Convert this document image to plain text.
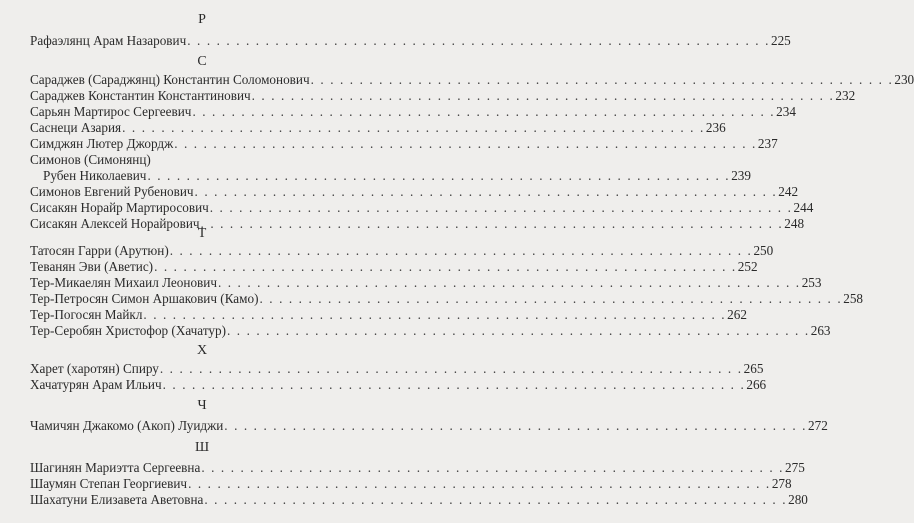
Р
Рафаэлянц Арам Назарович . . . . . . . . . . . . . . . . . . . . . . . . . . . . . . . . . . . . . . . . . . . . . . . . . . . . . . . . . . . . 225
С
Сараджев (Сараджянц) Константин Соломонович . . . . . . . . . . . . . . . . . . . . . . . . . . . . . . . . . . . . . . . . . . . . . . . . . . . . . . . . . . . . 230
Сараджев Константин Константинович . . . . . . . . . . . . . . . . . . . . . . . . . . . . . . . . . . . . . . . . . . . . . . . . . . . . . . . . . . . . 232
Сарьян Мартирос Сергеевич . . . . . . . . . . . . . . . . . . . . . . . . . . . . . . . . . . . . . . . . . . . . . . . . . . . . . . . . . . . . 234
Саснеци Азария . . . . . . . . . . . . . . . . . . . . . . . . . . . . . . . . . . . . . . . . . . . . . . . . . . . . . . . . . . . . 236
Симджян Лютер Джордж . . . . . . . . . . . . . . . . . . . . . . . . . . . . . . . . . . . . . . . . . . . . . . . . . . . . . . . . . . . . 237
Симонов (Симонянц)
Рубен Николаевич . . . . . . . . . . . . . . . . . . . . . . . . . . . . . . . . . . . . . . . . . . . . . . . . . . . . . . . . . . . . 239
Симонов Евгений Рубенович . . . . . . . . . . . . . . . . . . . . . . . . . . . . . . . . . . . . . . . . . . . . . . . . . . . . . . . . . . . . 242
Сисакян Норайр Мартиросович . . . . . . . . . . . . . . . . . . . . . . . . . . . . . . . . . . . . . . . . . . . . . . . . . . . . . . . . . . . . 244
Сисакян Алексей Норайрович . . . . . . . . . . . . . . . . . . . . . . . . . . . . . . . . . . . . . . . . . . . . . . . . . . . . . . . . . . . . 248
Т
Татосян Гарри (Арутюн) . . . . . . . . . . . . . . . . . . . . . . . . . . . . . . . . . . . . . . . . . . . . . . . . . . . . . . . . . . . . 250
Теванян Эви (Аветис) . . . . . . . . . . . . . . . . . . . . . . . . . . . . . . . . . . . . . . . . . . . . . . . . . . . . . . . . . . . . 252
Тер-Микаелян Михаил Леонович . . . . . . . . . . . . . . . . . . . . . . . . . . . . . . . . . . . . . . . . . . . . . . . . . . . . . . . . . . . . 253
Тер-Петросян Симон Аршакович (Камо) . . . . . . . . . . . . . . . . . . . . . . . . . . . . . . . . . . . . . . . . . . . . . . . . . . . . . . . . . . . . 258
Тер-Погосян Майкл . . . . . . . . . . . . . . . . . . . . . . . . . . . . . . . . . . . . . . . . . . . . . . . . . . . . . . . . . . . . 262
Тер-Серобян Христофор (Хачатур) . . . . . . . . . . . . . . . . . . . . . . . . . . . . . . . . . . . . . . . . . . . . . . . . . . . . . . . . . . . . 263
Х
Харет (харотян) Спиру . . . . . . . . . . . . . . . . . . . . . . . . . . . . . . . . . . . . . . . . . . . . . . . . . . . . . . . . . . . . 265
Хачатурян Арам Ильич . . . . . . . . . . . . . . . . . . . . . . . . . . . . . . . . . . . . . . . . . . . . . . . . . . . . . . . . . . . . 266
Ч
Чамичян Джакомо (Акоп) Луиджи . . . . . . . . . . . . . . . . . . . . . . . . . . . . . . . . . . . . . . . . . . . . . . . . . . . . . . . . . . . . 272
Ш
Шагинян Мариэтта Сергеевна . . . . . . . . . . . . . . . . . . . . . . . . . . . . . . . . . . . . . . . . . . . . . . . . . . . . . . . . . . . . 275
Шаумян Степан Георгиевич . . . . . . . . . . . . . . . . . . . . . . . . . . . . . . . . . . . . . . . . . . . . . . . . . . . . . . . . . . . . 278
Шахатуни Елизавета Аветовна . . . . . . . . . . . . . . . . . . . . . . . . . . . . . . . . . . . . . . . . . . . . . . . . . . . . . . . . . . . . 280
